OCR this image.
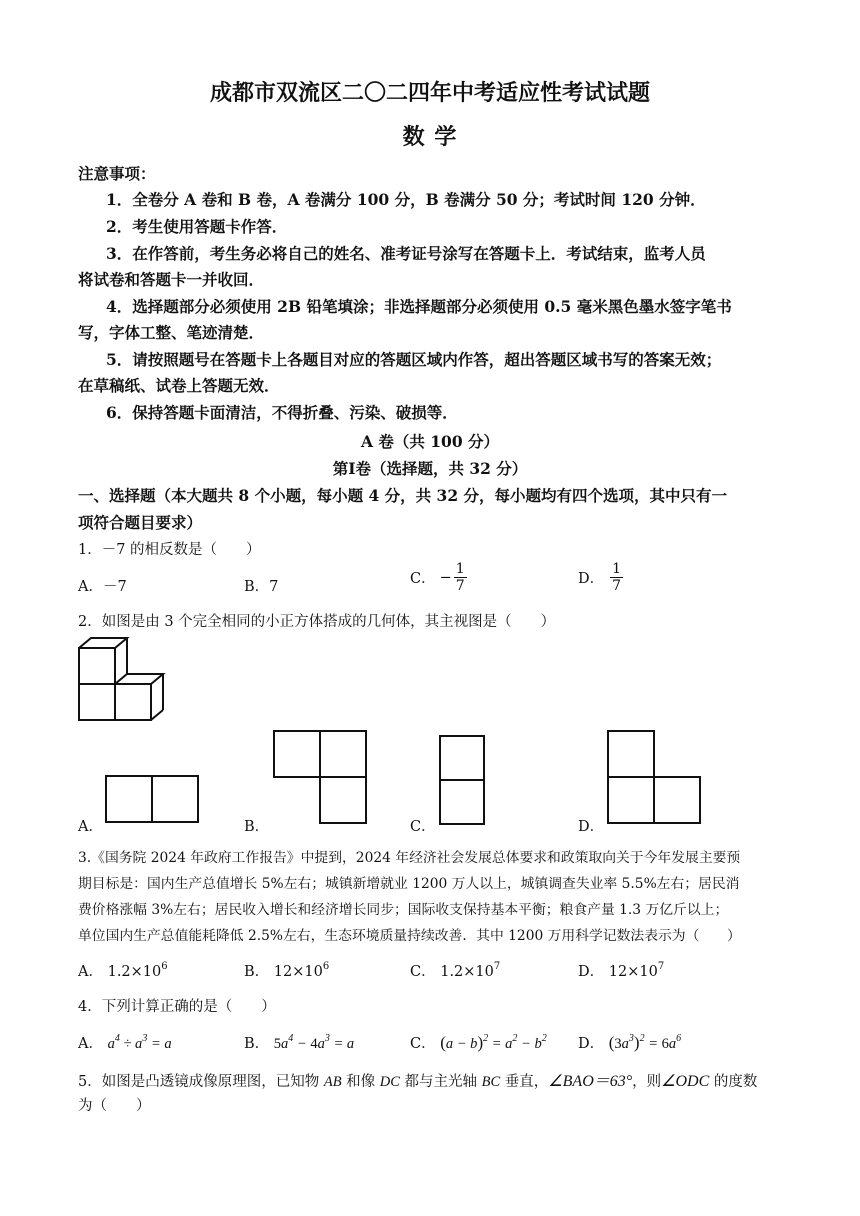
成都市双流区二〇二四年中考适应性考试试题
数 学
注意事项：
1．全卷分 A 卷和 B 卷，A 卷满分 100 分，B 卷满分 50 分；考试时间 120 分钟．
2．考生使用答题卡作答．
3．在作答前，考生务必将自己的姓名、准考证号涂写在答题卡上．考试结束，监考人员
将试卷和答题卡一并收回．
4．选择题部分必须使用 2B 铅笔填涂；非选择题部分必须使用 0.5 毫米黑色墨水签字笔书
写，字体工整、笔迹清楚．
5．请按照题号在答题卡上各题目对应的答题区域内作答，超出答题区域书写的答案无效；
在草稿纸、试卷上答题无效．
6．保持答题卡面清洁，不得折叠、污染、破损等．
A 卷（共 100 分）
第Ⅰ卷（选择题，共 32 分）
一、选择题（本大题共 8 个小题，每小题 4 分，共 32 分，每小题均有四个选项，其中只有一
项符合题目要求）
1．－7 的相反数是（　　）
A．－7	B．7	C． − $\frac{1}{7}$	D． $\frac{1}{7}$
2．如图是由 3 个完全相同的小正方体搭成的几何体，其主视图是（　　）
A．	B．	C．	D．
3.《国务院 2024 年政府工作报告》中提到，2024 年经济社会发展总体要求和政策取向关于今年发展主要预
期目标是：国内生产总值增长 5%左右；城镇新增就业 1200 万人以上，城镇调查失业率 5.5%左右；居民消
费价格涨幅 3%左右；居民收入增长和经济增长同步；国际收支保持基本平衡；粮食产量 1.3 万亿斤以上；
单位国内生产总值能耗降低 2.5%左右，生态环境质量持续改善．其中 1200 万用科学记数法表示为（　　）
A． $1.2\times 10^6$	B． $12\times 10^6$	C． $1.2\times 10^7$	D． $12\times 10^7$
4．下列计算正确的是（　　）
A． $a^4 \div a^3 = a$	B． $5a^4 - 4a^3 = a$	C． $(a - b)^2 = a^2 - b^2$ D． $(3a^3)^2 = 6a^6$
5．如图是凸透镜成像原理图，已知物 AB 和像 DC 都与主光轴 BC 垂直，∠BAO＝63°，则∠ODC 的度数
为（　　）
